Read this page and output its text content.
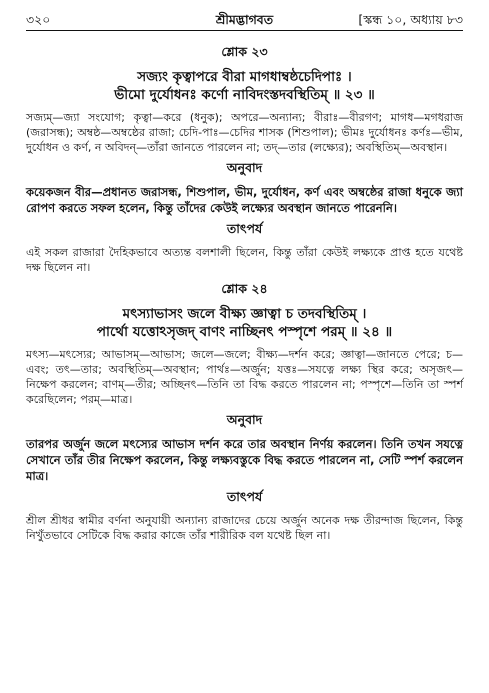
৩২০	শ্রীমদ্ভাগবত	[স্কন্ধ ১০, অধ্যায় ৮৩
শ্লোক ২৩
সজ্যং কৃত্বাপরে বীরা মাগধাম্বষ্ঠচেদিপাঃ ।
ভীমো দুর্যোধনঃ কর্ণো নাবিদংস্তদবস্থিতিম্ ॥ ২৩ ॥

সজ্যম্—জ্যা সংযোগ; কৃত্বা—করে (ধনুক); অপরে—অন্যান্য; বীরাঃ—বীরগণ; মাগধ—মগধরাজ (জরাসন্ধ); অম্বষ্ঠ—অম্বষ্ঠের রাজা; চেদি-পাঃ—চেদির শাসক (শিশুপাল); ভীমঃ দুর্যোধনঃ কর্ণঃ—ভীম, দুর্যোধন ও কর্ণ, ন অবিদন্—তাঁরা জানতে পারলেন না; তদ্—তার (লক্ষ্যের); অবস্থিতিম্—অবস্থান।

অনুবাদ

কয়েকজন বীর—প্রধানত জরাসন্ধ, শিশুপাল, ভীম, দুর্যোধন, কর্ণ এবং অম্বষ্ঠের রাজা ধনুকে জ্যা রোপণ করতে সফল হলেন, কিন্তু তাঁদের কেউই লক্ষ্যের অবস্থান জানতে পারেননি।

তাৎপর্য

এই সকল রাজারা দৈহিকভাবে অত্যন্ত বলশালী ছিলেন, কিন্তু তাঁরা কেউই লক্ষ্যকে প্রাপ্ত হতে যথেষ্ট দক্ষ ছিলেন না।

শ্লোক ২৪
মৎস্যাভাসং জলে বীক্ষ্য জ্ঞাত্বা চ তদবস্থিতিম্ ।
পার্থো যত্তোঽসৃজদ্ বাণং নাচ্ছিনৎ পস্পৃশে পরম্ ॥ ২৪ ॥

মৎস্য—মৎস্যের; আভাসম্—আভাস; জলে—জলে; বীক্ষ্য—দর্শন করে; জ্ঞাত্বা—জানতে পেরে; চ—এবং; তৎ—তার; অবস্থিতিম্—অবস্থান; পার্থঃ—অর্জুন; যত্তঃ—সযত্নে লক্ষ্য স্থির করে; অসৃজৎ—নিক্ষেপ করলেন; বাণম্—তীর; অচ্ছিনৎ—তিনি তা বিদ্ধ করতে পারলেন না; পস্পৃশে—তিনি তা স্পর্শ করেছিলেন; পরম্—মাত্র।

অনুবাদ

তারপর অর্জুন জলে মৎস্যের আভাস দর্শন করে তার অবস্থান নির্ণয় করলেন। তিনি তখন সযত্নে সেখানে তাঁর তীর নিক্ষেপ করলেন, কিন্তু লক্ষ্যবস্তুকে বিদ্ধ করতে পারলেন না, সেটি স্পর্শ করলেন মাত্র।

তাৎপর্য

শ্রীল শ্রীধর স্বামীর বর্ণনা অনুযায়ী অন্যান্য রাজাদের চেয়ে অর্জুন অনেক দক্ষ তীরন্দাজ ছিলেন, কিন্তু নিখুঁতভাবে সেটিকে বিদ্ধ করার কাজে তাঁর শারীরিক বল যথেষ্ট ছিল না।
